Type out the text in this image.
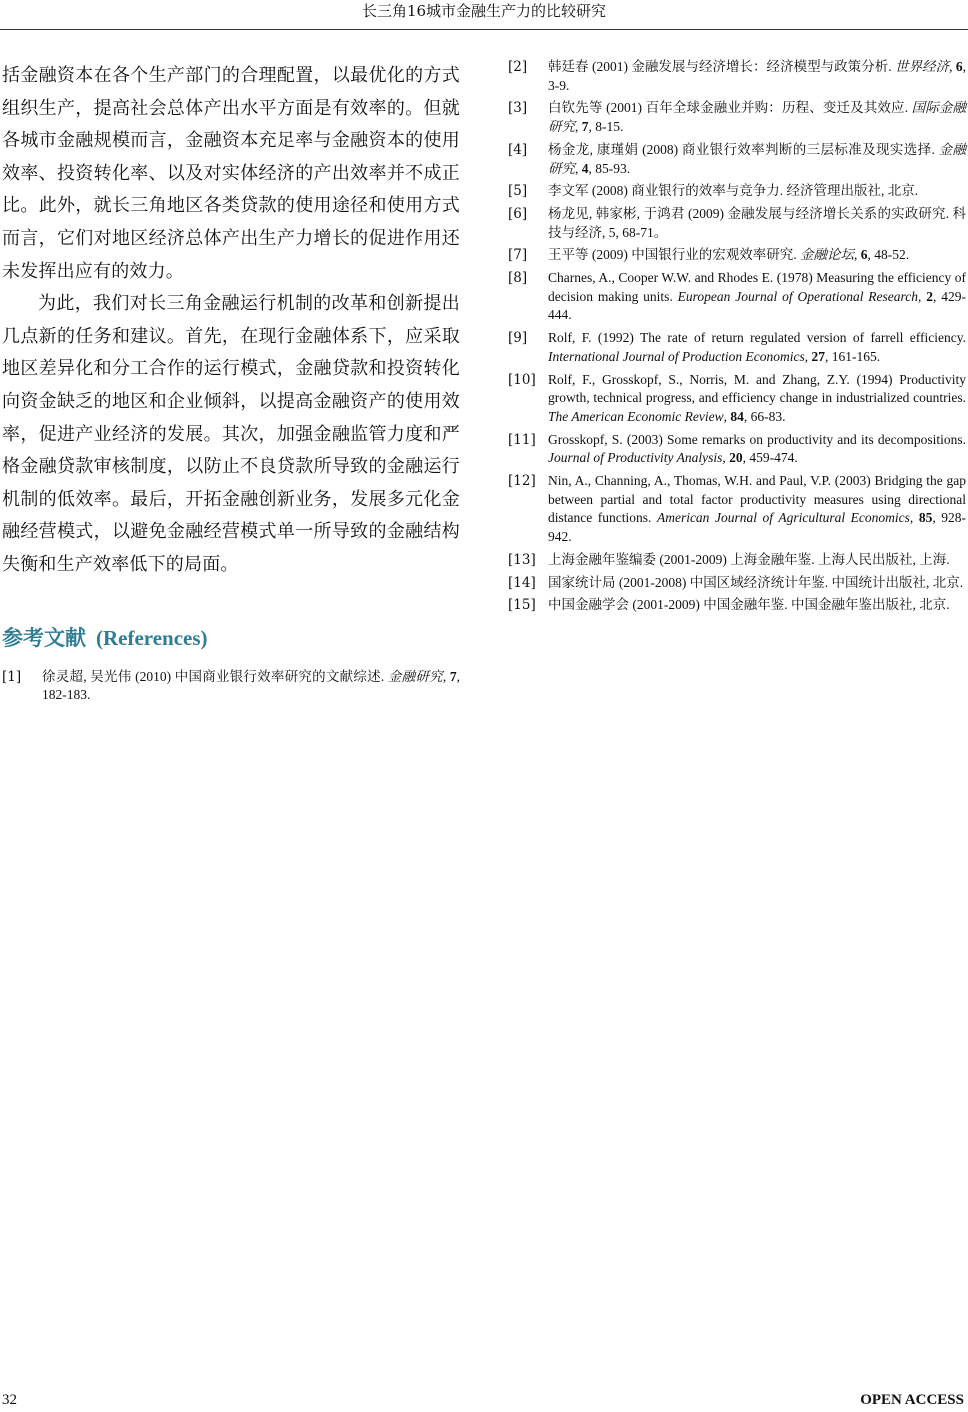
长三角16城市金融生产力的比较研究

括金融资本在各个生产部门的合理配置，以最优化的方式组织生产，提高社会总体产出水平方面是有效率的。但就各城市金融规模而言，金融资本充足率与金融资本的使用效率、投资转化率、以及对实体经济的产出效率并不成正比。此外，就长三角地区各类贷款的使用途径和使用方式而言，它们对地区经济总体产出生产力增长的促进作用还未发挥出应有的效力。

为此，我们对长三角金融运行机制的改革和创新提出几点新的任务和建议。首先，在现行金融体系下，应采取地区差异化和分工合作的运行模式，金融贷款和投资转化向资金缺乏的地区和企业倾斜，以提高金融资产的使用效率，促进产业经济的发展。其次，加强金融监管力度和严格金融贷款审核制度，以防止不良贷款所导致的金融运行机制的低效率。最后，开拓金融创新业务，发展多元化金融经营模式，以避免金融经营模式单一所导致的金融结构失衡和生产效率低下的局面。

参考文献 (References)
[1]	徐灵超, 吴光伟 (2010) 中国商业银行效率研究的文献综述. 金融研究, 7, 182-183.
[2]	韩廷春 (2001) 金融发展与经济增长：经济模型与政策分析. 世界经济, 6, 3-9.
[3]	白钦先等 (2001) 百年全球金融业并购：历程、变迁及其效应. 国际金融研究, 7, 8-15.
[4]	杨金龙, 康瑾娟 (2008) 商业银行效率判断的三层标准及现实选择. 金融研究, 4, 85-93.
[5]	李文军 (2008) 商业银行的效率与竞争力. 经济管理出版社, 北京.
[6]	杨龙见, 韩家彬, 于鸿君 (2009) 金融发展与经济增长关系的实政研究. 科技与经济, 5, 68-71。
[7]	王平等 (2009) 中国银行业的宏观效率研究. 金融论坛, 6, 48-52.
[8]	Charnes, A., Cooper W.W. and Rhodes E. (1978) Measuring the efficiency of decision making units. European Journal of Operational Research, 2, 429-444.
[9]	Rolf, F. (1992) The rate of return regulated version of farrell efficiency. International Journal of Production Economics, 27, 161-165.
[10] Rolf, F., Grosskopf, S., Norris, M. and Zhang, Z.Y. (1994) Productivity growth, technical progress, and efficiency change in industrialized countries. The American Economic Review, 84, 66-83.
[11] Grosskopf, S. (2003) Some remarks on productivity and its decompositions. Journal of Productivity Analysis, 20, 459-474.
[12] Nin, A., Channing, A., Thomas, W.H. and Paul, V.P. (2003) Bridging the gap between partial and total factor productivity measures using directional distance functions. American Journal of Agricultural Economics, 85, 928-942.
[13] 上海金融年鉴编委 (2001-2009) 上海金融年鉴. 上海人民出版社, 上海.
[14] 国家统计局 (2001-2008) 中国区域经济统计年鉴. 中国统计出版社, 北京.
[15] 中国金融学会 (2001-2009) 中国金融年鉴. 中国金融年鉴出版社, 北京.
32	OPEN ACCESS
